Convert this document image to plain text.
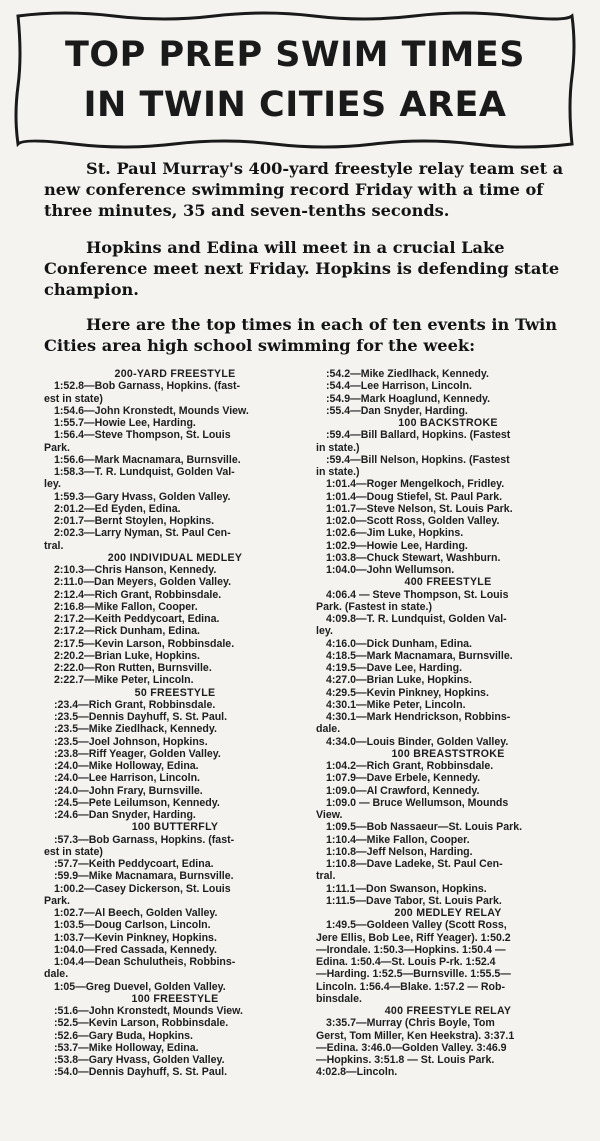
TOP PREP SWIM TIMES
IN TWIN CITIES AREA
St. Paul Murray's 400-yard freestyle relay team set a new conference swimming record Friday with a time of three minutes, 35 and seven-tenths seconds.
Hopkins and Edina will meet in a crucial Lake Conference meet next Friday. Hopkins is defending state champion.
Here are the top times in each of ten events in Twin Cities area high school swimming for the week:
200-YARD FREESTYLE
1:52.8—Bob Garnass, Hopkins. (fast-
est in state)
1:54.6—John Kronstedt, Mounds View.
1:55.7—Howie Lee, Harding.
1:56.4—Steve Thompson, St. Louis
Park.
1:56.6—Mark Macnamara, Burnsville.
1:58.3—T. R. Lundquist, Golden Val-
ley.
1:59.3—Gary Hvass, Golden Valley.
2:01.2—Ed Eyden, Edina.
2:01.7—Bernt Stoylen, Hopkins.
2:02.3—Larry Nyman, St. Paul Cen-
tral.
200 INDIVIDUAL MEDLEY
2:10.3—Chris Hanson, Kennedy.
2:11.0—Dan Meyers, Golden Valley.
2:12.4—Rich Grant, Robbinsdale.
2:16.8—Mike Fallon, Cooper.
2:17.2—Keith Peddycoart, Edina.
2:17.2—Rick Dunham, Edina.
2:17.5—Kevin Larson, Robbinsdale.
2:20.2—Brian Luke, Hopkins.
2:22.0—Ron Rutten, Burnsville.
2:22.7—Mike Peter, Lincoln.
50 FREESTYLE
:23.4—Rich Grant, Robbinsdale.
:23.5—Dennis Dayhuff, S. St. Paul.
:23.5—Mike Ziedlhack, Kennedy.
:23.5—Joel Johnson, Hopkins.
:23.8—Riff Yeager, Golden Valley.
:24.0—Mike Holloway, Edina.
:24.0—Lee Harrison, Lincoln.
:24.0—John Frary, Burnsville.
:24.5—Pete Leilumson, Kennedy.
:24.6—Dan Snyder, Harding.
100 BUTTERFLY
:57.3—Bob Garnass, Hopkins. (fast-
est in state)
:57.7—Keith Peddycoart, Edina.
:59.9—Mike Macnamara, Burnsville.
1:00.2—Casey Dickerson, St. Louis
Park.
1:02.7—Al Beech, Golden Valley.
1:03.5—Doug Carlson, Lincoln.
1:03.7—Kevin Pinkney, Hopkins.
1:04.0—Fred Cassada, Kennedy.
1:04.4—Dean Schulutheis, Robbins-
dale.
1:05—Greg Duevel, Golden Valley.
100 FREESTYLE
:51.6—John Kronstedt, Mounds View.
:52.5—Kevin Larson, Robbinsdale.
:52.6—Gary Buda, Hopkins.
:53.7—Mike Holloway, Edina.
:53.8—Gary Hvass, Golden Valley.
:54.0—Dennis Dayhuff, S. St. Paul.
:54.2—Mike Ziedlhack, Kennedy.
:54.4—Lee Harrison, Lincoln.
:54.9—Mark Hoaglund, Kennedy.
:55.4—Dan Snyder, Harding.
100 BACKSTROKE
:59.4—Bill Ballard, Hopkins. (Fastest
in state.)
:59.4—Bill Nelson, Hopkins. (Fastest
in state.)
1:01.4—Roger Mengelkoch, Fridley.
1:01.4—Doug Stiefel, St. Paul Park.
1:01.7—Steve Nelson, St. Louis Park.
1:02.0—Scott Ross, Golden Valley.
1:02.6—Jim Luke, Hopkins.
1:02.9—Howie Lee, Harding.
1:03.8—Chuck Stewart, Washburn.
1:04.0—John Wellumson.
400 FREESTYLE
4:06.4 — Steve Thompson, St. Louis
Park. (Fastest in state.)
4:09.8—T. R. Lundquist, Golden Val-
ley.
4:16.0—Dick Dunham, Edina.
4:18.5—Mark Macnamara, Burnsville.
4:19.5—Dave Lee, Harding.
4:27.0—Brian Luke, Hopkins.
4:29.5—Kevin Pinkney, Hopkins.
4:30.1—Mike Peter, Lincoln.
4:30.1—Mark Hendrickson, Robbins-
dale.
4:34.0—Louis Binder, Golden Valley.
100 BREASTSTROKE
1:04.2—Rich Grant, Robbinsdale.
1:07.9—Dave Erbele, Kennedy.
1:09.0—Al Crawford, Kennedy.
1:09.0 — Bruce Wellumson, Mounds
View.
1:09.5—Bob Nassaeur—St. Louis Park.
1:10.4—Mike Fallon, Cooper.
1:10.8—Jeff Nelson, Harding.
1:10.8—Dave Ladeke, St. Paul Cen-
tral.
1:11.1—Don Swanson, Hopkins.
1:11.5—Dave Tabor, St. Louis Park.
200 MEDLEY RELAY
1:49.5—Goldeen Valley (Scott Ross,
Jere Ellis, Bob Lee, Riff Yeager). 1:50.2
—Irondale. 1:50.3—Hopkins. 1:50.4 —
Edina. 1:50.4—St. Louis P-rk. 1:52.4
—Harding. 1:52.5—Burnsville. 1:55.5—
Lincoln. 1:56.4—Blake. 1:57.2 — Rob-
binsdale.
400 FREESTYLE RELAY
3:35.7—Murray (Chris Boyle, Tom
Gerst, Tom Miller, Ken Heekstra). 3:37.1
—Edina. 3:46.0—Golden Valley. 3:46.9
—Hopkins. 3:51.8 — St. Louis Park.
4:02.8—Lincoln.
